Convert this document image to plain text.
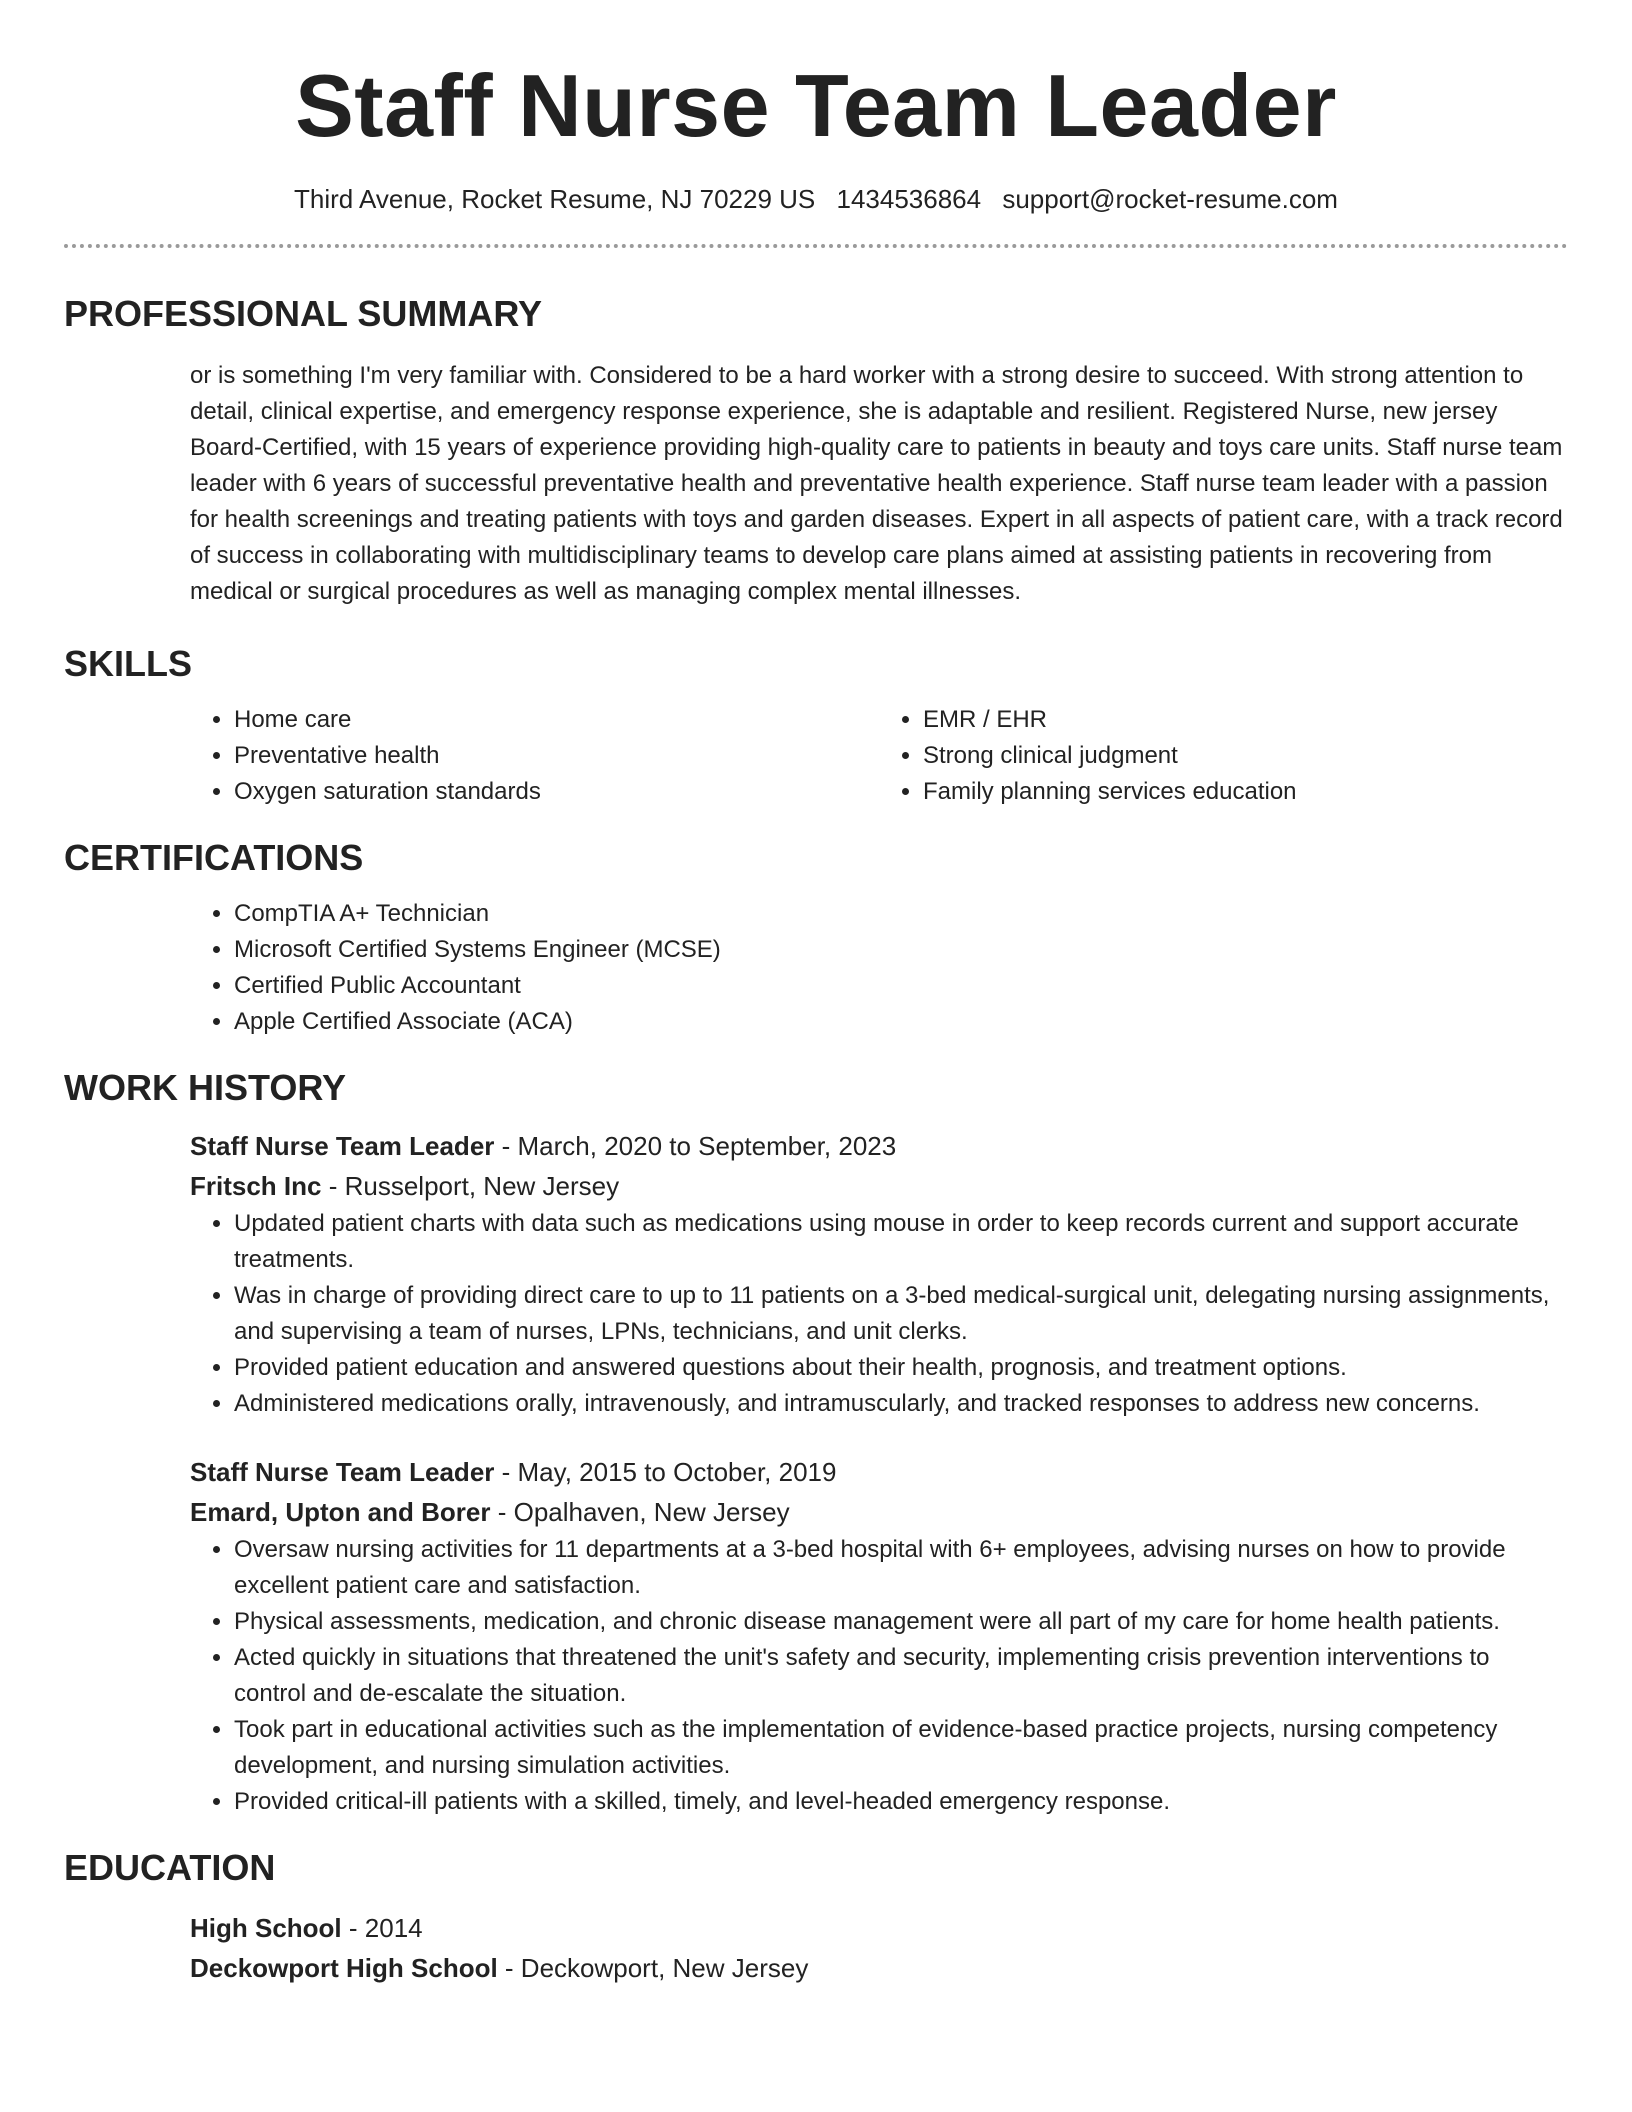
Staff Nurse Team Leader
Third Avenue, Rocket Resume, NJ 70229 US 1434536864 support@rocket-resume.com
PROFESSIONAL SUMMARY
or is something I'm very familiar with. Considered to be a hard worker with a strong desire to succeed. With strong attention to detail, clinical expertise, and emergency response experience, she is adaptable and resilient. Registered Nurse, new jersey Board-Certified, with 15 years of experience providing high-quality care to patients in beauty and toys care units. Staff nurse team leader with 6 years of successful preventative health and preventative health experience. Staff nurse team leader with a passion for health screenings and treating patients with toys and garden diseases. Expert in all aspects of patient care, with a track record of success in collaborating with multidisciplinary teams to develop care plans aimed at assisting patients in recovering from medical or surgical procedures as well as managing complex mental illnesses.
SKILLS
• Home care
• Preventative health
• Oxygen saturation standards
• EMR / EHR
• Strong clinical judgment
• Family planning services education
CERTIFICATIONS
• CompTIA A+ Technician
• Microsoft Certified Systems Engineer (MCSE)
• Certified Public Accountant
• Apple Certified Associate (ACA)
WORK HISTORY
Staff Nurse Team Leader - March, 2020 to September, 2023
Fritsch Inc - Russelport, New Jersey
• Updated patient charts with data such as medications using mouse in order to keep records current and support accurate treatments.
• Was in charge of providing direct care to up to 11 patients on a 3-bed medical-surgical unit, delegating nursing assignments, and supervising a team of nurses, LPNs, technicians, and unit clerks.
• Provided patient education and answered questions about their health, prognosis, and treatment options.
• Administered medications orally, intravenously, and intramuscularly, and tracked responses to address new concerns.
Staff Nurse Team Leader - May, 2015 to October, 2019
Emard, Upton and Borer - Opalhaven, New Jersey
• Oversaw nursing activities for 11 departments at a 3-bed hospital with 6+ employees, advising nurses on how to provide excellent patient care and satisfaction.
• Physical assessments, medication, and chronic disease management were all part of my care for home health patients.
• Acted quickly in situations that threatened the unit's safety and security, implementing crisis prevention interventions to control and de-escalate the situation.
• Took part in educational activities such as the implementation of evidence-based practice projects, nursing competency development, and nursing simulation activities.
• Provided critical-ill patients with a skilled, timely, and level-headed emergency response.
EDUCATION
High School - 2014
Deckowport High School - Deckowport, New Jersey
